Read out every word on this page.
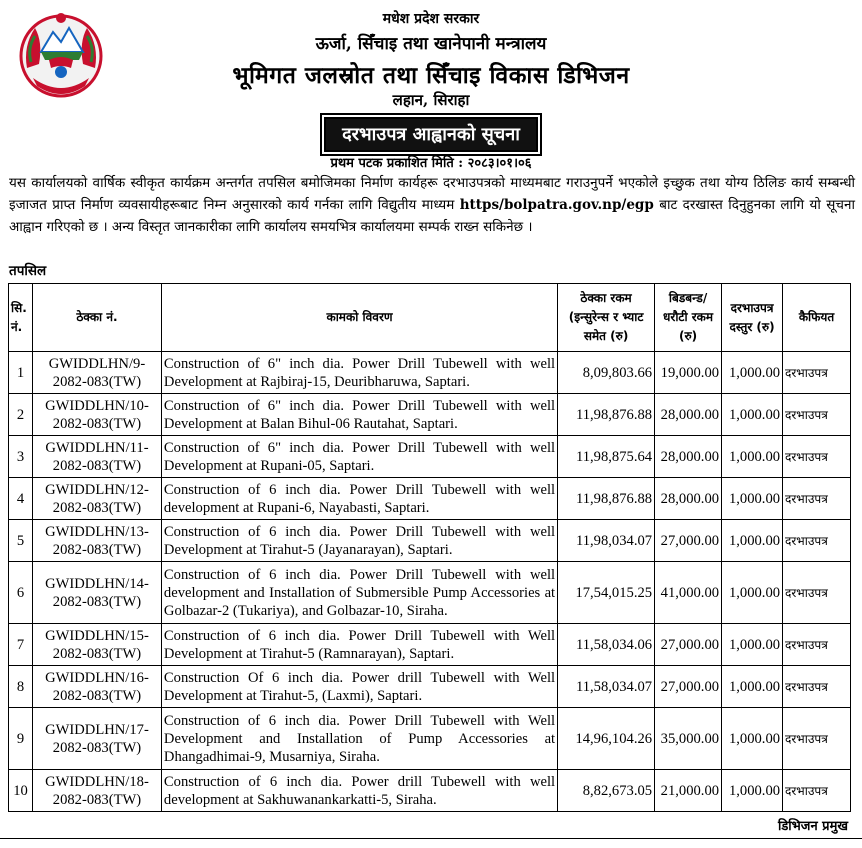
मधेश प्रदेश सरकार
ऊर्जा, सिँचाइ तथा खानेपानी मन्त्रालय
भूमिगत जलस्रोत तथा सिँचाइ विकास डिभिजन
लहान, सिराहा
दरभाउपत्र आह्वानको सूचना
प्रथम पटक प्रकाशित मिति : २०८३।०१।०६
यस कार्यालयको वार्षिक स्वीकृत कार्यक्रम अन्तर्गत तपसिल बमोजिमका निर्माण कार्यहरू दरभाउपत्रको माध्यमबाट गराउनुपर्ने भएकोले इच्छुक तथा योग्य ठिलिङ कार्य सम्बन्धी इजाजत प्राप्त निर्माण व्यवसायीहरूबाट निम्न अनुसारको कार्य गर्नका लागि विद्युतीय माध्यम https/bolpatra.gov.np/egp बाट दरखास्त दिनुहुनका लागि यो सूचना आह्वान गरिएको छ । अन्य विस्तृत जानकारीका लागि कार्यालय समयभित्र कार्यालयमा सम्पर्क राख्न सकिनेछ ।
तपसिल
सि. नं.	ठेक्का नं.	कामको विवरण	ठेक्का रकम (इन्सुरेन्स र भ्याट समेत (रु)	बिडबन्ड/ धरौटी रकम (रु)	दरभाउपत्र दस्तुर (रु)	कैफियत
1	GWIDDLHN/9-2082-083(TW)	Construction of 6" inch dia. Power Drill Tubewell with well Development at Rajbiraj-15, Deuribharuwa, Saptari.	8,09,803.66	19,000.00	1,000.00	दरभाउपत्र
2	GWIDDLHN/10-2082-083(TW)	Construction of 6" inch dia. Power Drill Tubewell with well Development at Balan Bihul-06 Rautahat, Saptari.	11,98,876.88	28,000.00	1,000.00	दरभाउपत्र
3	GWIDDLHN/11-2082-083(TW)	Construction of 6" inch dia. Power Drill Tubewell with well Development at Rupani-05, Saptari.	11,98,875.64	28,000.00	1,000.00	दरभाउपत्र
4	GWIDDLHN/12-2082-083(TW)	Construction of 6 inch dia. Power Drill Tubewell with well development at Rupani-6, Nayabasti, Saptari.	11,98,876.88	28,000.00	1,000.00	दरभाउपत्र
5	GWIDDLHN/13-2082-083(TW)	Construction of 6 inch dia. Power Drill Tubewell with well Development at Tirahut-5 (Jayanarayan), Saptari.	11,98,034.07	27,000.00	1,000.00	दरभाउपत्र
6	GWIDDLHN/14-2082-083(TW)	Construction of 6 inch dia. Power Drill Tubewell with well development and Installation of Submersible Pump Accessories at Golbazar-2 (Tukariya), and Golbazar-10, Siraha.	17,54,015.25	41,000.00	1,000.00	दरभाउपत्र
7	GWIDDLHN/15-2082-083(TW)	Construction of 6 inch dia. Power Drill Tubewell with Well Development at Tirahut-5 (Ramnarayan), Saptari.	11,58,034.06	27,000.00	1,000.00	दरभाउपत्र
8	GWIDDLHN/16-2082-083(TW)	Construction Of 6 inch dia. Power drill Tubewell with Well Development at Tirahut-5, (Laxmi), Saptari.	11,58,034.07	27,000.00	1,000.00	दरभाउपत्र
9	GWIDDLHN/17-2082-083(TW)	Construction of 6 inch dia. Power Drill Tubewell with Well Development and Installation of Pump Accessories at Dhangadhimai-9, Musarniya, Siraha.	14,96,104.26	35,000.00	1,000.00	दरभाउपत्र
10	GWIDDLHN/18-2082-083(TW)	Construction of 6 inch dia. Power drill Tubewell with well development at Sakhuwanankarkatti-5, Siraha.	8,82,673.05	21,000.00	1,000.00	दरभाउपत्र
डिभिजन प्रमुख
